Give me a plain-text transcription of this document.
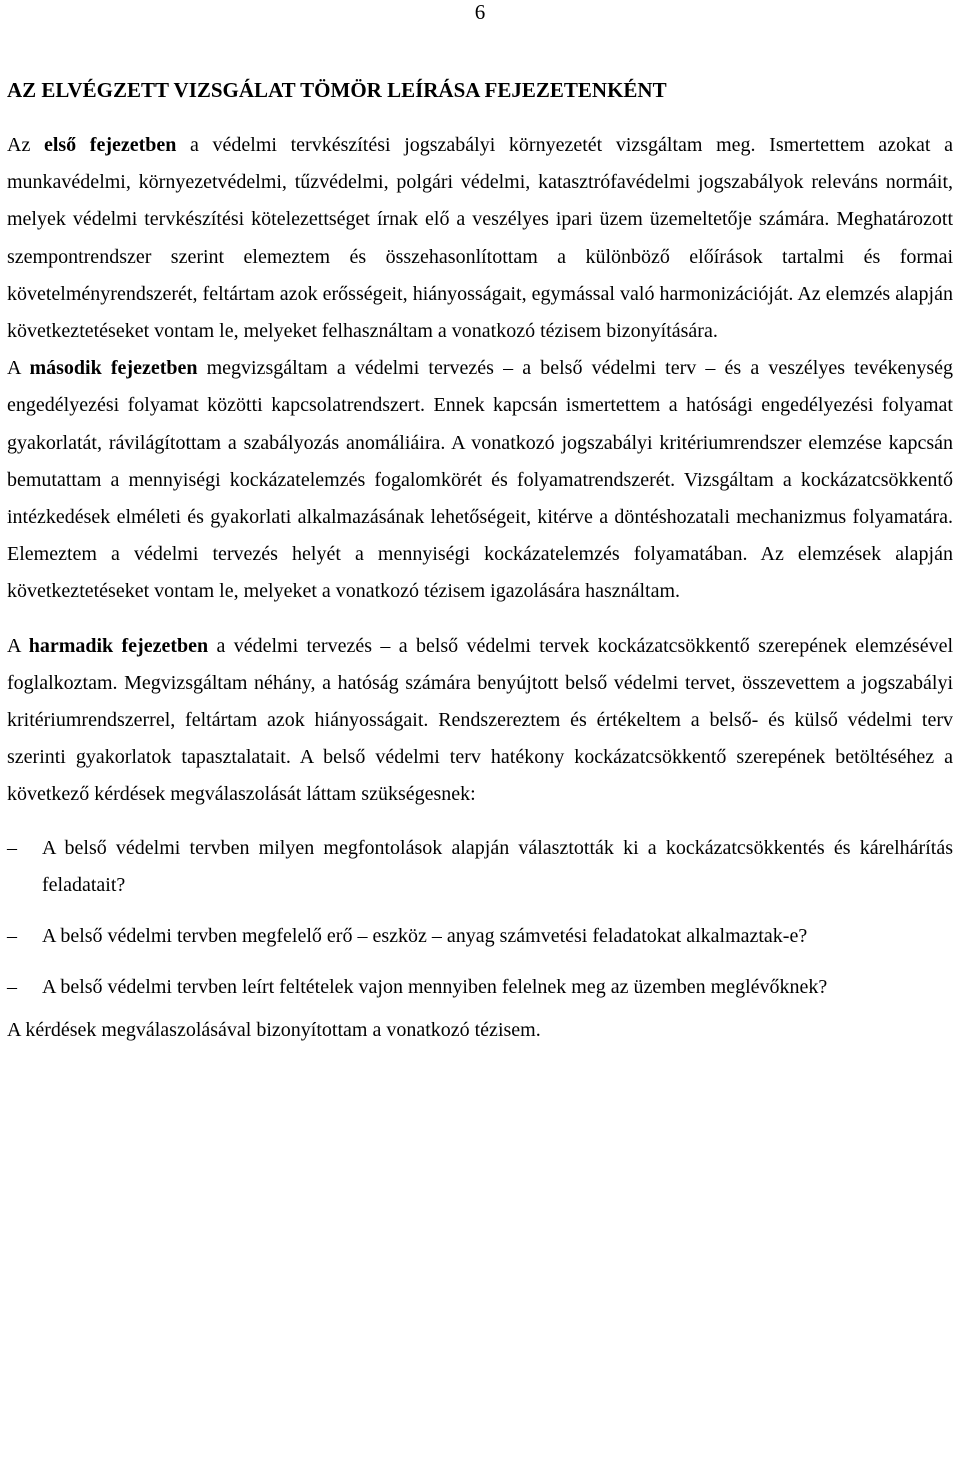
6
AZ ELVÉGZETT VIZSGÁLAT TÖMÖR LEÍRÁSA FEJEZETENKÉNT

Az első fejezetben a védelmi tervkészítési jogszabályi környezetét vizsgáltam meg. Ismertettem azokat a munkavédelmi, környezetvédelmi, tűzvédelmi, polgári védelmi, katasztrófavédelmi jogszabályok releváns normáit, melyek védelmi tervkészítési kötelezettséget írnak elő a veszélyes ipari üzem üzemeltetője számára. Meghatározott szempontrendszer szerint elemeztem és összehasonlítottam a különböző előírások tartalmi és formai követelményrendszerét, feltártam azok erősségeit, hiányosságait, egymással való harmonizációját. Az elemzés alapján következtetéseket vontam le, melyeket felhasználtam a vonatkozó tézisem bizonyítására.

A második fejezetben megvizsgáltam a védelmi tervezés – a belső védelmi terv – és a veszélyes tevékenység engedélyezési folyamat közötti kapcsolatrendszert. Ennek kapcsán ismertettem a hatósági engedélyezési folyamat gyakorlatát, rávilágítottam a szabályozás anomáliáira. A vonatkozó jogszabályi kritériumrendszer elemzése kapcsán bemutattam a mennyiségi kockázatelemzés fogalomkörét és folyamatrendszerét. Vizsgáltam a kockázatcsökkentő intézkedések elméleti és gyakorlati alkalmazásának lehetőségeit, kitérve a döntéshozatali mechanizmus folyamatára. Elemeztem a védelmi tervezés helyét a mennyiségi kockázatelemzés folyamatában. Az elemzések alapján következtetéseket vontam le, melyeket a vonatkozó tézisem igazolására használtam.

A harmadik fejezetben a védelmi tervezés – a belső védelmi tervek kockázatcsökkentő szerepének elemzésével foglalkoztam. Megvizsgáltam néhány, a hatóság számára benyújtott belső védelmi tervet, összevettem a jogszabályi kritériumrendszerrel, feltártam azok hiányosságait. Rendszereztem és értékeltem a belső- és külső védelmi terv szerinti gyakorlatok tapasztalatait. A belső védelmi terv hatékony kockázatcsökkentő szerepének betöltéséhez a következő kérdések megválaszolását láttam szükségesnek:

–	A belső védelmi tervben milyen megfontolások alapján választották ki a kockázatcsökkentés és kárelhárítás feladatait?
–	A belső védelmi tervben megfelelő erő – eszköz – anyag számvetési feladatokat alkalmaztak-e?
–	A belső védelmi tervben leírt feltételek vajon mennyiben felelnek meg az üzemben meglévőknek?

A kérdések megválaszolásával bizonyítottam a vonatkozó tézisem.
